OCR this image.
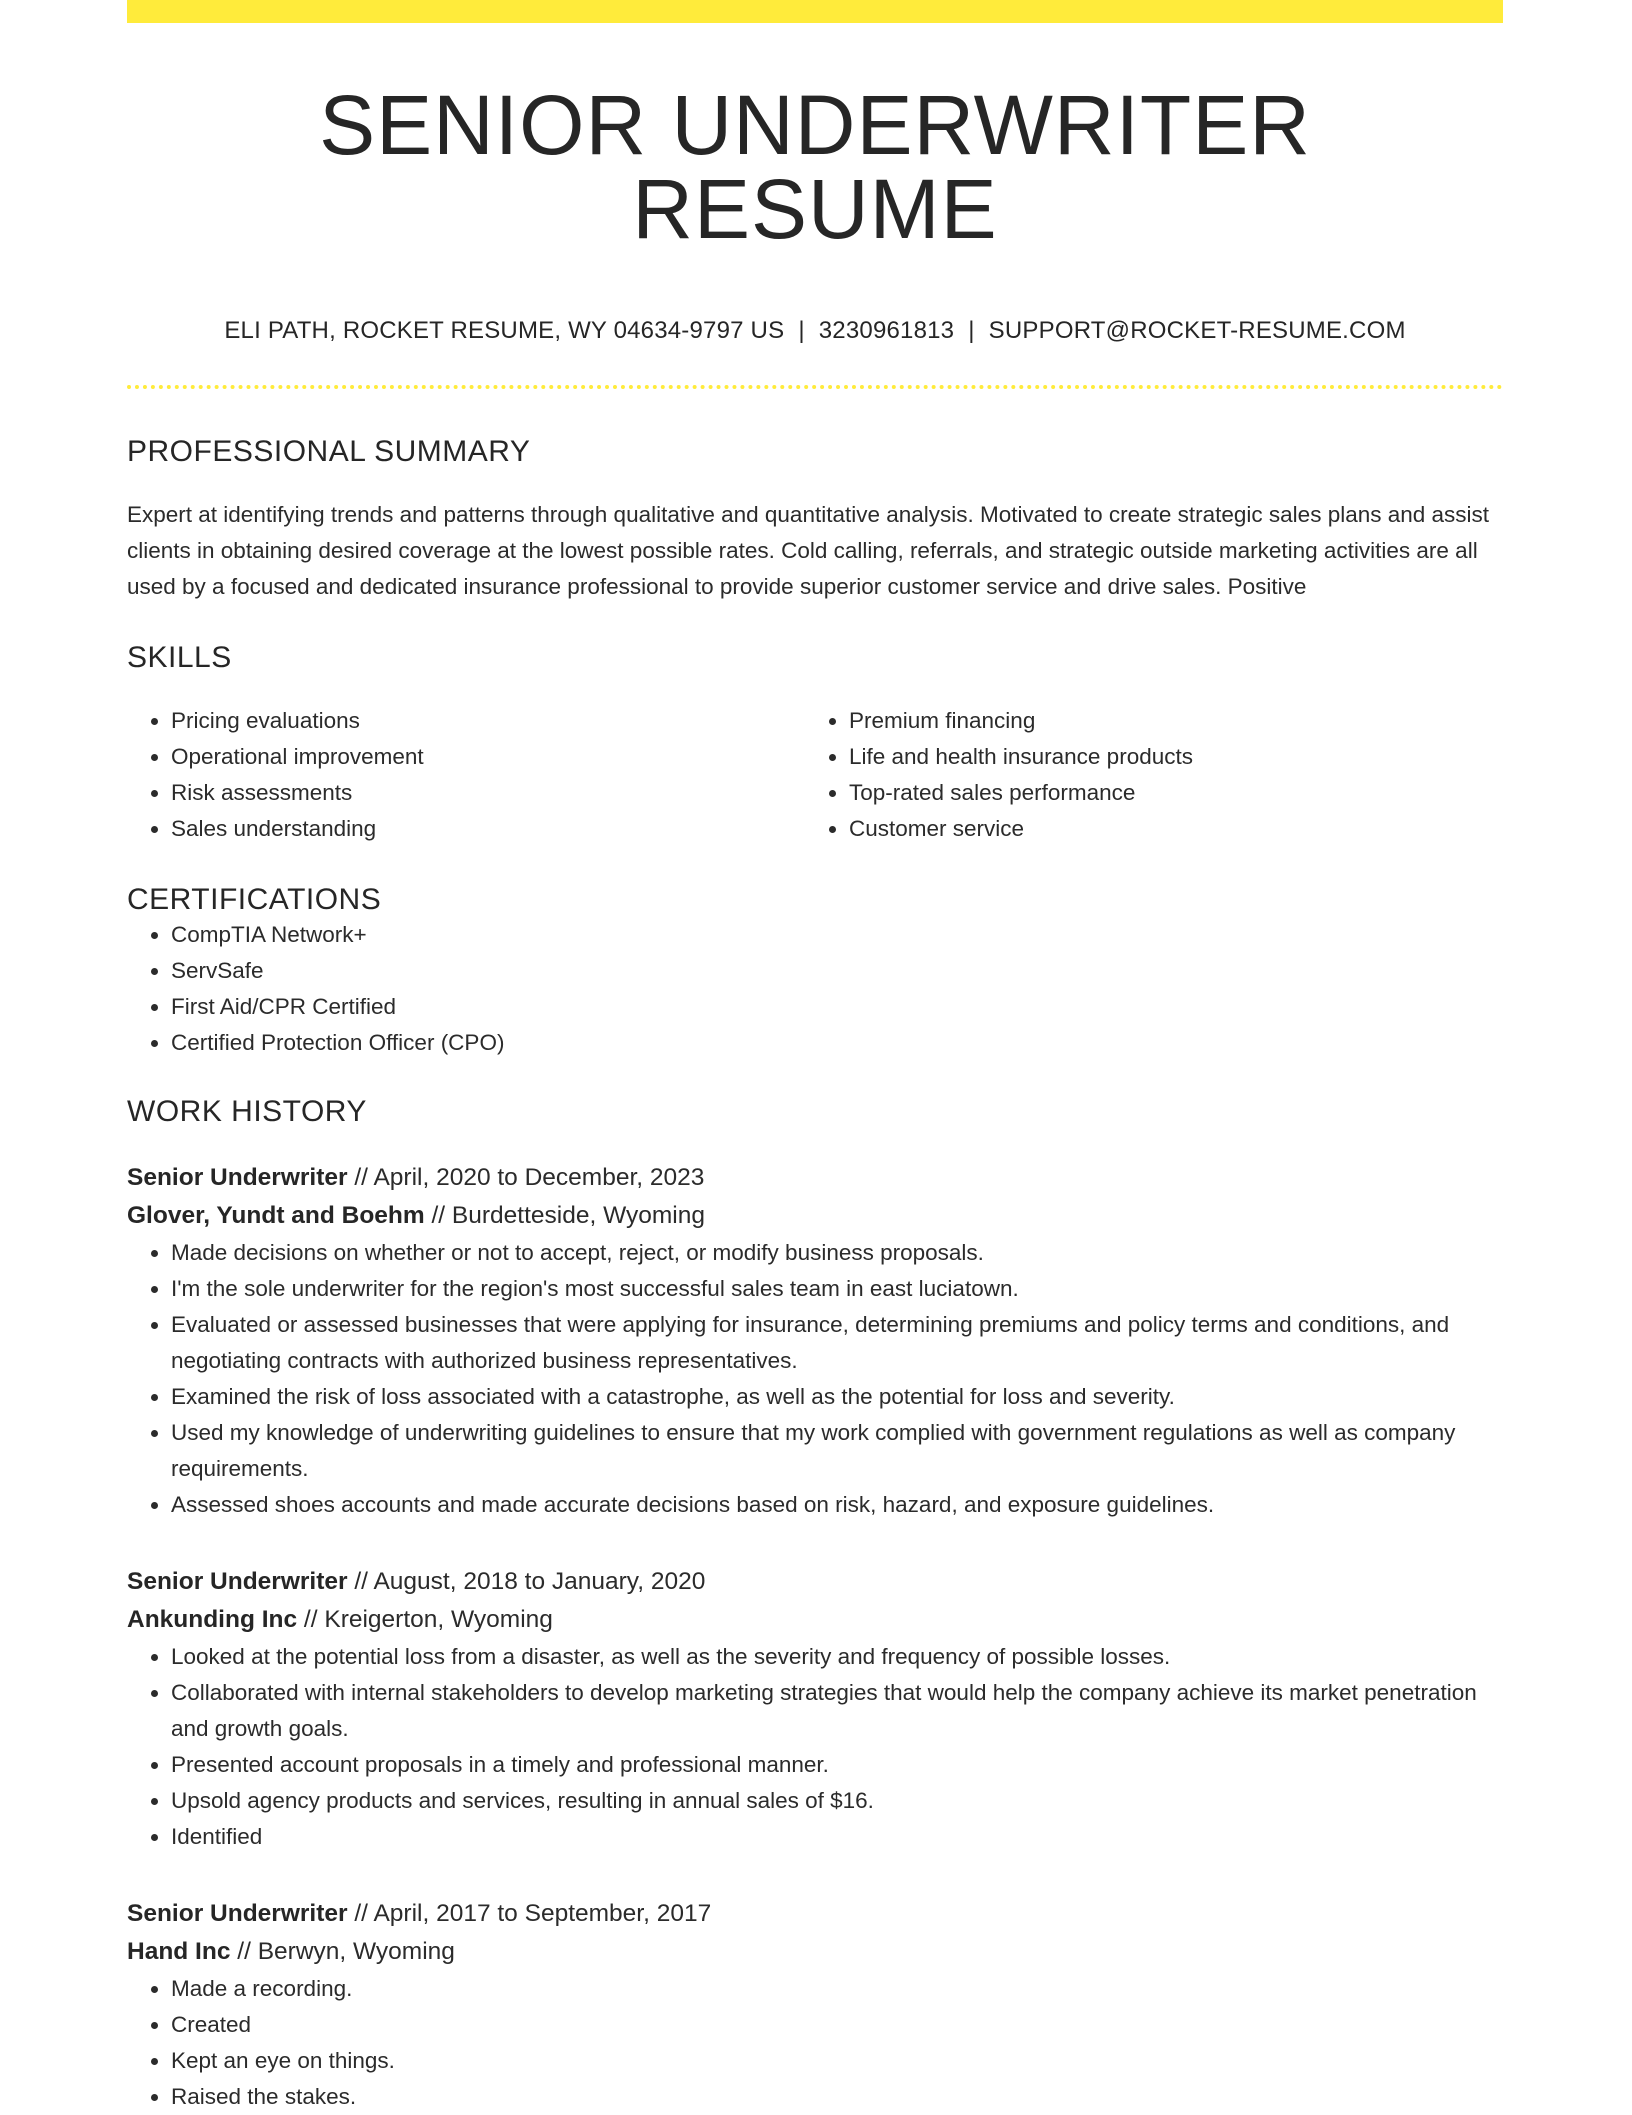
SENIOR UNDERWRITER RESUME
ELI PATH, ROCKET RESUME, WY 04634-9797 US | 3230961813 | SUPPORT@ROCKET-RESUME.COM
PROFESSIONAL SUMMARY

Expert at identifying trends and patterns through qualitative and quantitative analysis. Motivated to create strategic sales plans and assist clients in obtaining desired coverage at the lowest possible rates. Cold calling, referrals, and strategic outside marketing activities are all used by a focused and dedicated insurance professional to provide superior customer service and drive sales. Positive

SKILLS
• Pricing evaluations
• Operational improvement
• Risk assessments
• Sales understanding
• Premium financing
• Life and health insurance products
• Top-rated sales performance
• Customer service
CERTIFICATIONS
• CompTIA Network+
• ServSafe
• First Aid/CPR Certified
• Certified Protection Officer (CPO)
WORK HISTORY
Senior Underwriter // April, 2020 to December, 2023
Glover, Yundt and Boehm // Burdetteside, Wyoming
• Made decisions on whether or not to accept, reject, or modify business proposals.
• I'm the sole underwriter for the region's most successful sales team in east luciatown.
• Evaluated or assessed businesses that were applying for insurance, determining premiums and policy terms and conditions, and negotiating contracts with authorized business representatives.
• Examined the risk of loss associated with a catastrophe, as well as the potential for loss and severity.
• Used my knowledge of underwriting guidelines to ensure that my work complied with government regulations as well as company requirements.
• Assessed shoes accounts and made accurate decisions based on risk, hazard, and exposure guidelines.
Senior Underwriter // August, 2018 to January, 2020
Ankunding Inc // Kreigerton, Wyoming
• Looked at the potential loss from a disaster, as well as the severity and frequency of possible losses.
• Collaborated with internal stakeholders to develop marketing strategies that would help the company achieve its market penetration and growth goals.
• Presented account proposals in a timely and professional manner.
• Upsold agency products and services, resulting in annual sales of $16.
• Identified
Senior Underwriter // April, 2017 to September, 2017
Hand Inc // Berwyn, Wyoming
• Made a recording.
• Created
• Kept an eye on things.
• Raised the stakes.
